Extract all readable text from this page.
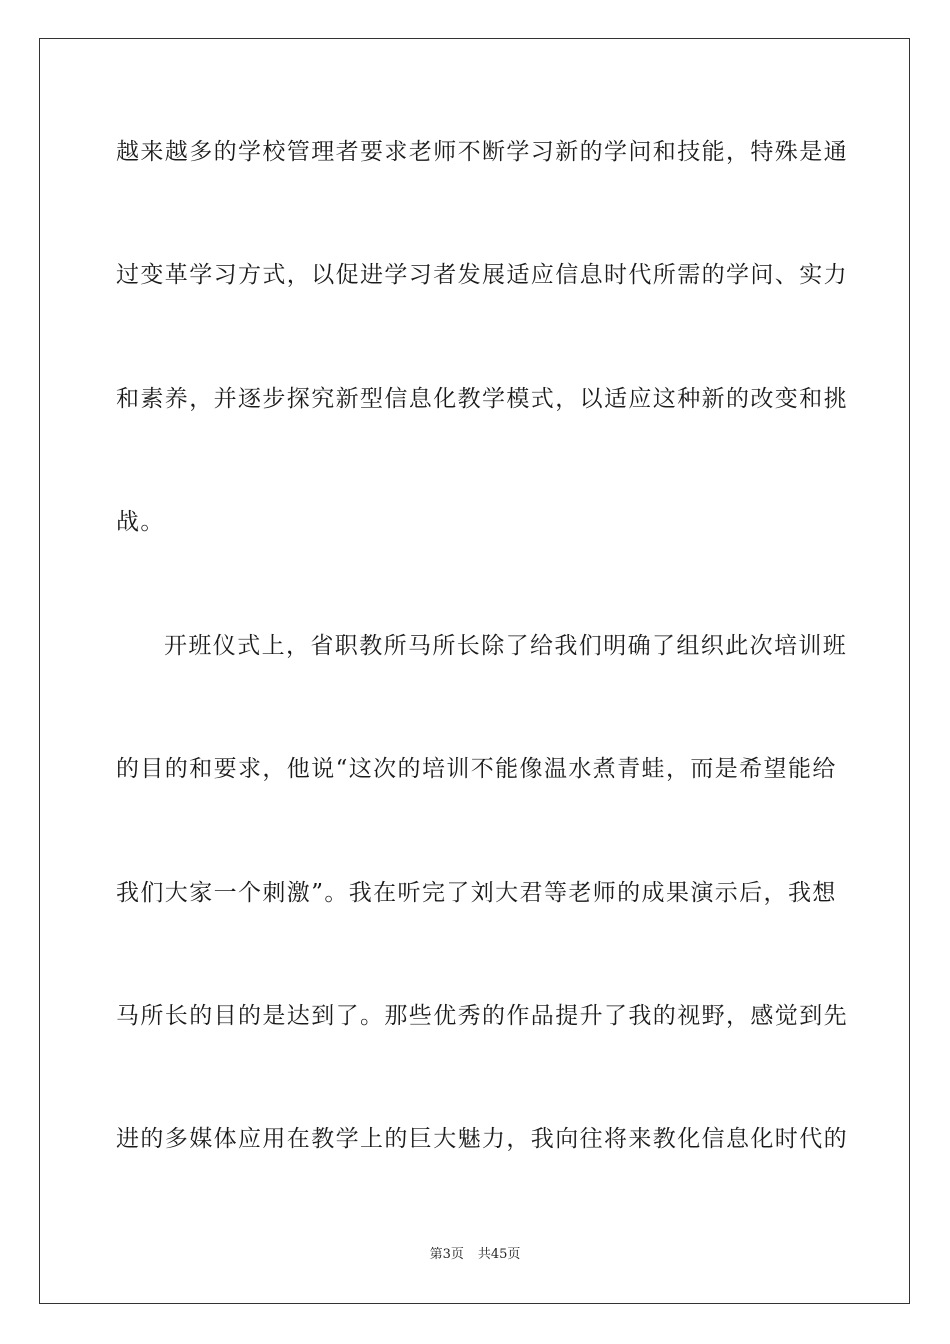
越来越多的学校管理者要求老师不断学习新的学问和技能，特殊是通
过变革学习方式，以促进学习者发展适应信息时代所需的学问、实力
和素养，并逐步探究新型信息化教学模式，以适应这种新的改变和挑
战。
开班仪式上，省职教所马所长除了给我们明确了组织此次培训班
的目的和要求，他说“这次的培训不能像温水煮青蛙，而是希望能给
我们大家一个刺激”。我在听完了刘大君等老师的成果演示后，我想
马所长的目的是达到了。那些优秀的作品提升了我的视野，感觉到先
进的多媒体应用在教学上的巨大魅力，我向往将来教化信息化时代的
第3页 共45页
